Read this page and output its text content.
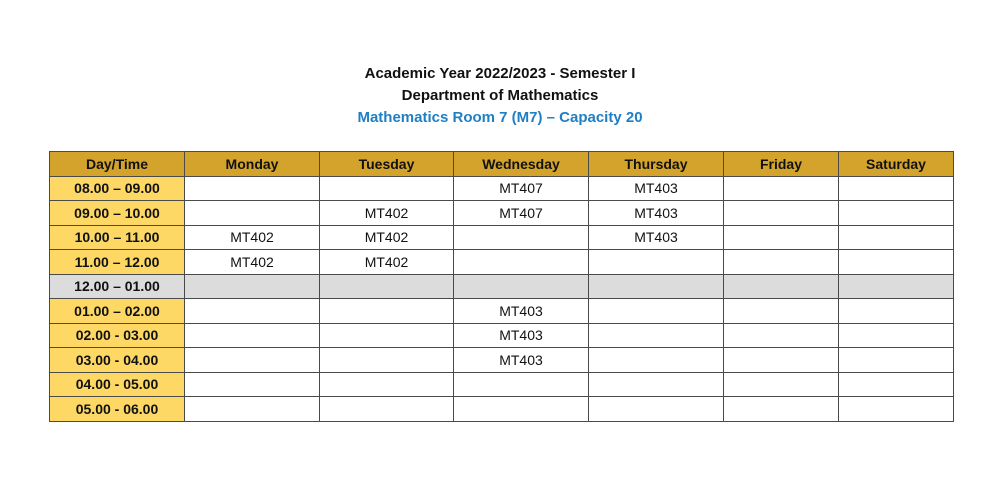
Academic Year 2022/2023 - Semester I
Department of Mathematics
Mathematics Room 7 (M7) – Capacity 20
Day/Time	Monday	Tuesday	Wednesday	Thursday	Friday	Saturday
08.00 – 09.00			MT407	MT403		
09.00 – 10.00		MT402	MT407	MT403		
10.00 – 11.00	MT402	MT402		MT403		
11.00 – 12.00	MT402	MT402				
12.00 – 01.00						
01.00 – 02.00			MT403			
02.00 - 03.00			MT403			
03.00 - 04.00			MT403			
04.00 - 05.00						
05.00 - 06.00						
